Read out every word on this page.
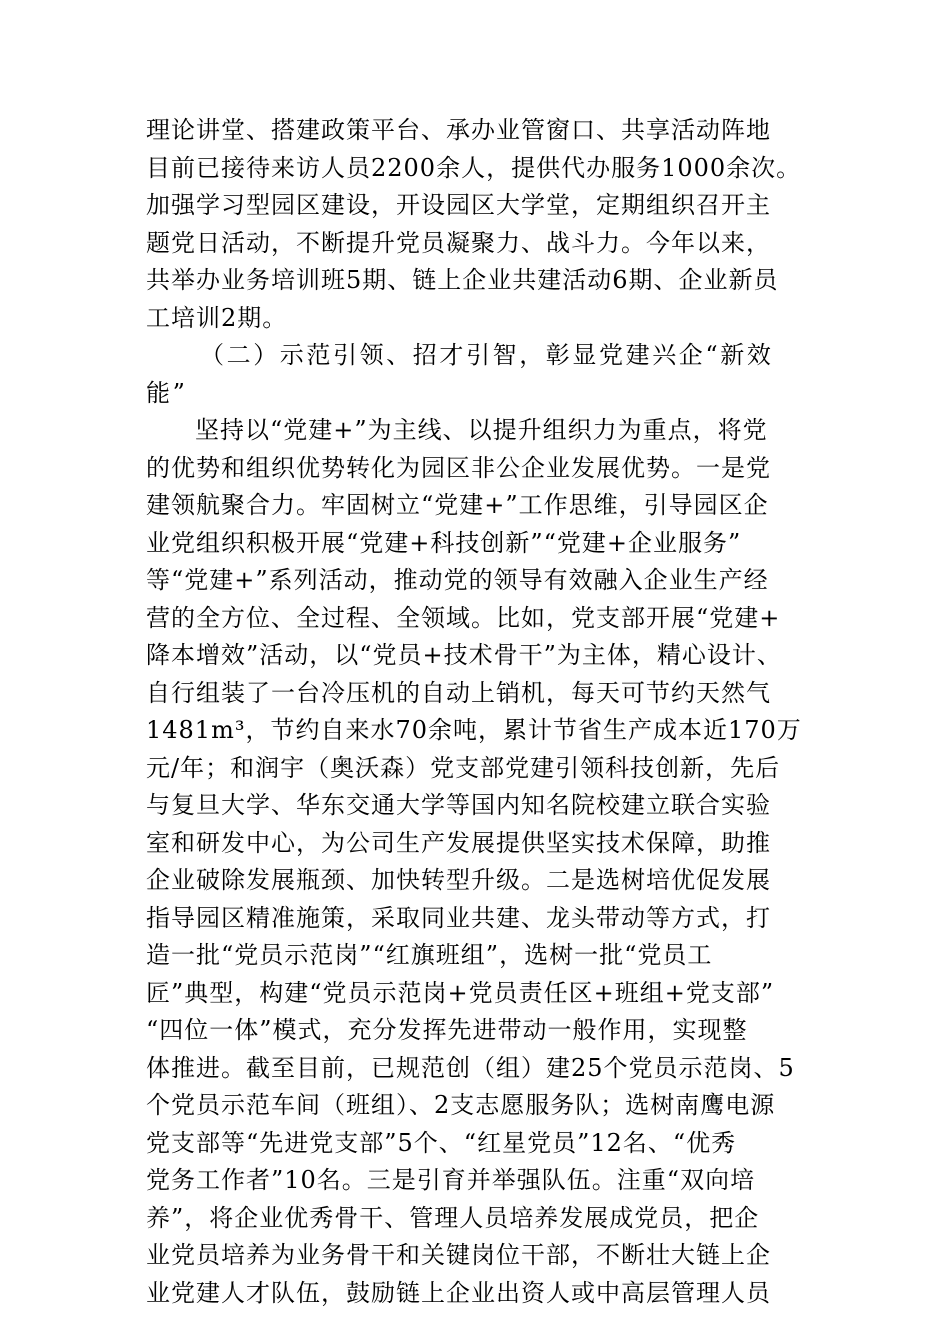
理论讲堂、搭建政策平台、承办业管窗口、共享活动阵地
目前已接待来访人员2200余人，提供代办服务1000余次。
加强学习型园区建设，开设园区大学堂，定期组织召开主
题党日活动，不断提升党员凝聚力、战斗力。今年以来，
共举办业务培训班5期、链上企业共建活动6期、企业新员
工培训2期。
（二）示范引领、招才引智，彰显党建兴企“新效
能”
坚持以“党建+”为主线、以提升组织力为重点，将党
的优势和组织优势转化为园区非公企业发展优势。一是党
建领航聚合力。牢固树立“党建+”工作思维，引导园区企
业党组织积极开展“党建+科技创新”“党建+企业服务”
等“党建+”系列活动，推动党的领导有效融入企业生产经
营的全方位、全过程、全领域。比如，党支部开展“党建+
降本增效”活动，以“党员+技术骨干”为主体，精心设计、
自行组装了一台冷压机的自动上销机，每天可节约天然气
1481m³，节约自来水70余吨，累计节省生产成本近170万
元/年；和润宇（奥沃森）党支部党建引领科技创新，先后
与复旦大学、华东交通大学等国内知名院校建立联合实验
室和研发中心，为公司生产发展提供坚实技术保障，助推
企业破除发展瓶颈、加快转型升级。二是选树培优促发展
指导园区精准施策，采取同业共建、龙头带动等方式，打
造一批“党员示范岗”“红旗班组”，选树一批“党员工
匠”典型，构建“党员示范岗+党员责任区+班组+党支部”
“四位一体”模式，充分发挥先进带动一般作用，实现整
体推进。截至目前，已规范创（组）建25个党员示范岗、5
个党员示范车间（班组）、2支志愿服务队；选树南鹰电源
党支部等“先进党支部”5个、“红星党员”12名、“优秀
党务工作者”10名。三是引育并举强队伍。注重“双向培
养”，将企业优秀骨干、管理人员培养发展成党员，把企
业党员培养为业务骨干和关键岗位干部，不断壮大链上企
业党建人才队伍，鼓励链上企业出资人或中高层管理人员
